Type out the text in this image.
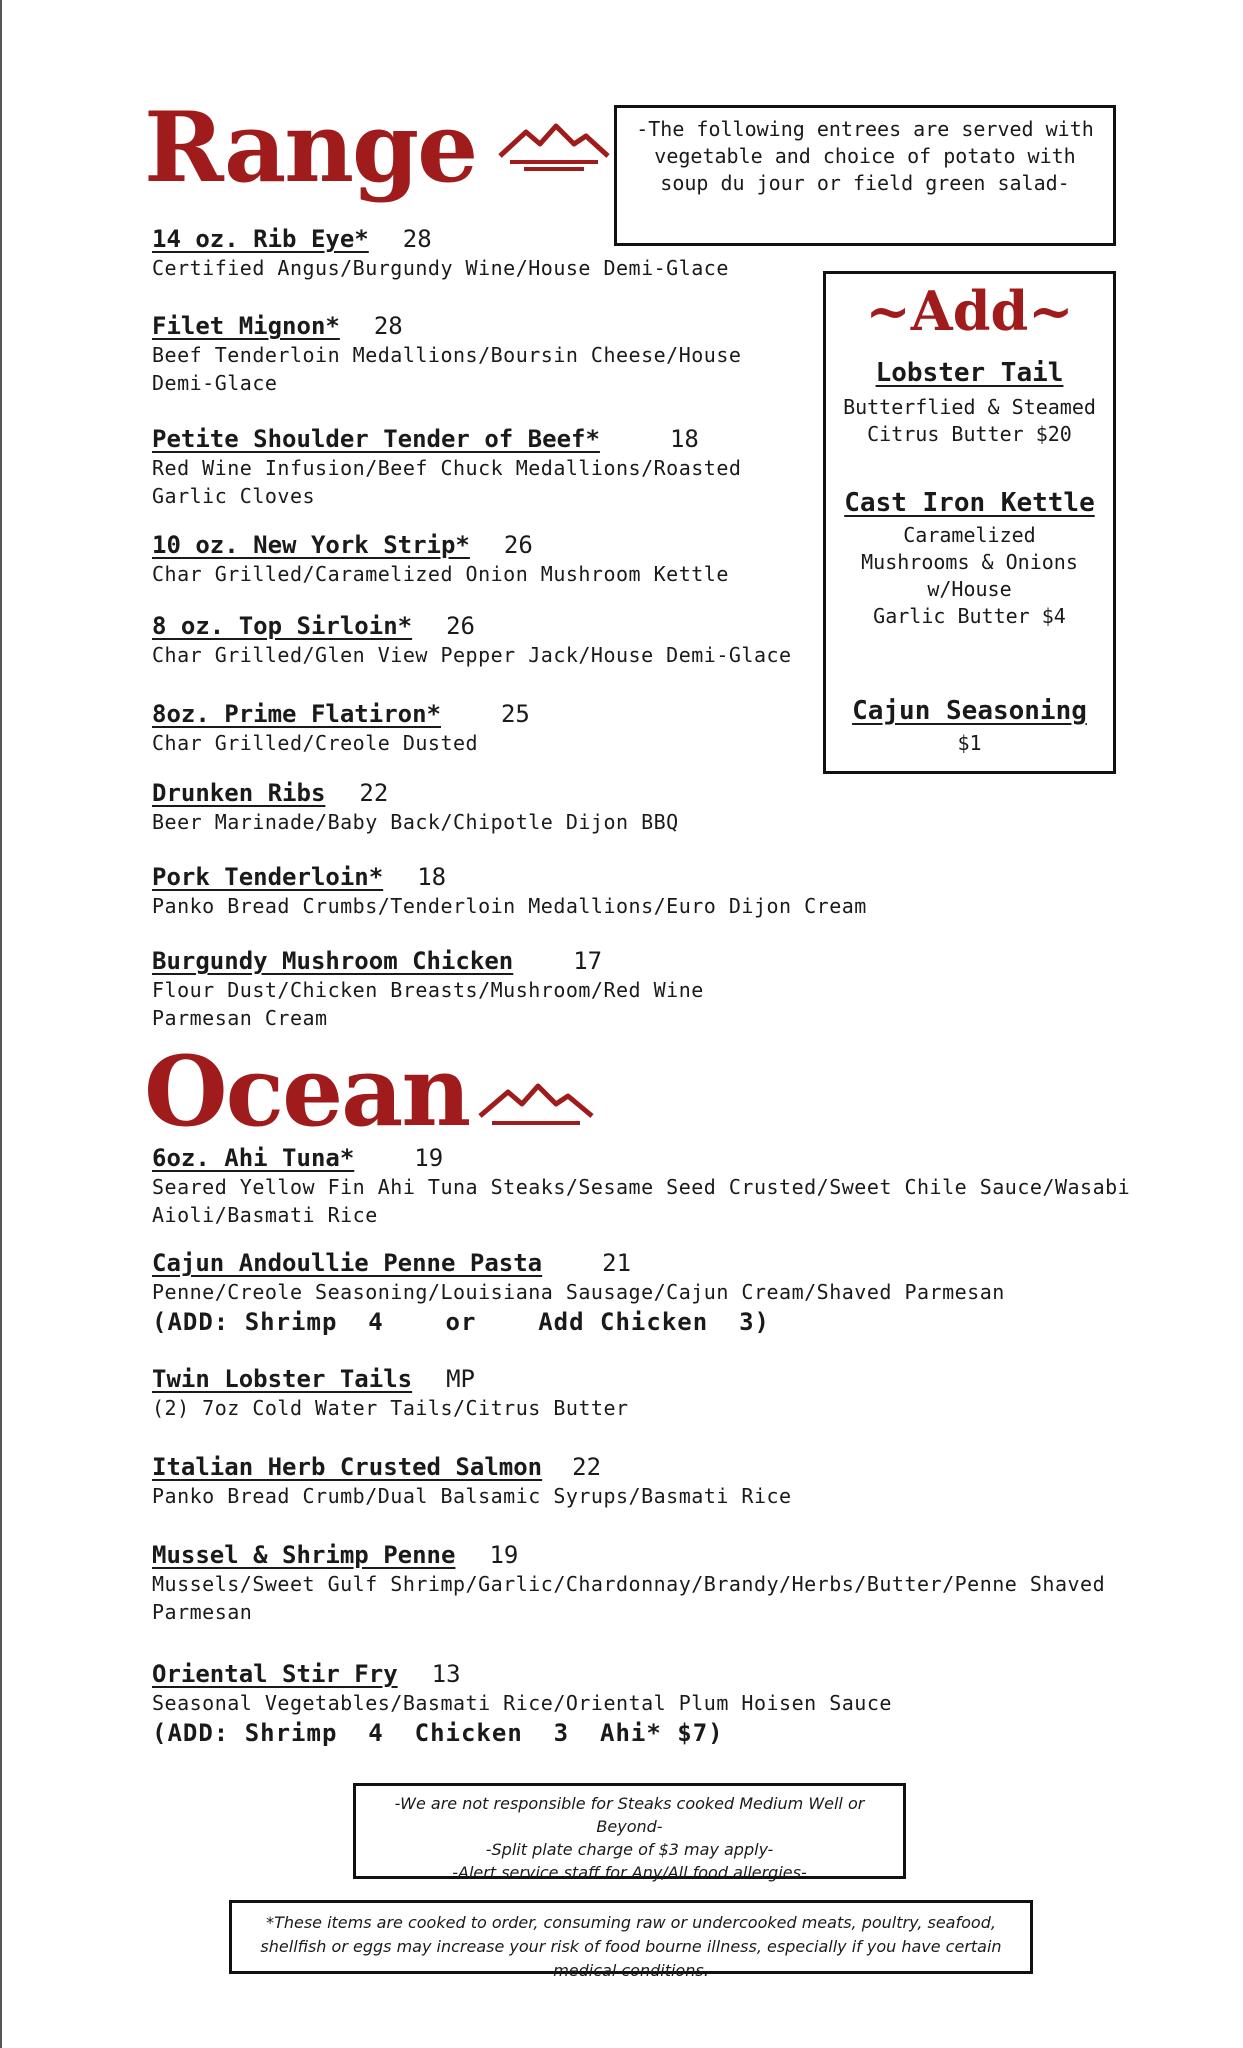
Range	-The following entrees are served with vegetable and choice of potato with soup du jour or field green salad-
14 oz. Rib Eye* 28
Certified Angus/Burgundy Wine/House Demi-Glace
Filet Mignon* 28
Beef Tenderloin Medallions/Boursin Cheese/House Demi-Glace
Petite Shoulder Tender of Beef*	18
Red Wine Infusion/Beef Chuck Medallions/Roasted Garlic Cloves
10 oz. New York Strip* 26
Char Grilled/Caramelized Onion Mushroom Kettle
8 oz. Top Sirloin* 26
Char Grilled/Glen View Pepper Jack/House Demi-Glace
8oz. Prime Flatiron*	25
Char Grilled/Creole Dusted
Drunken Ribs 22
Beer Marinade/Baby Back/Chipotle Dijon BBQ
Pork Tenderloin* 18
Panko Bread Crumbs/Tenderloin Medallions/Euro Dijon Cream
Burgundy Mushroom Chicken	17
Flour Dust/Chicken Breasts/Mushroom/Red Wine Parmesan Cream
~Add~
Lobster Tail
Butterflied & Steamed
Citrus Butter $20
Cast Iron Kettle
Caramelized Mushrooms & Onions w/House
Garlic Butter $4
Cajun Seasoning
$1
Ocean
6oz. Ahi Tuna*	19
Seared Yellow Fin Ahi Tuna Steaks/Sesame Seed Crusted/Sweet Chile Sauce/Wasabi Aioli/Basmati Rice
Cajun Andoullie Penne Pasta	21
Penne/Creole Seasoning/Louisiana Sausage/Cajun Cream/Shaved Parmesan
(ADD: Shrimp  4    or    Add Chicken  3)
Twin Lobster Tails MP
(2) 7oz Cold Water Tails/Citrus Butter
Italian Herb Crusted Salmon 22
Panko Bread Crumb/Dual Balsamic Syrups/Basmati Rice
Mussel & Shrimp Penne 19
Mussels/Sweet Gulf Shrimp/Garlic/Chardonnay/Brandy/Herbs/Butter/Penne Shaved Parmesan
Oriental Stir Fry 13
Seasonal Vegetables/Basmati Rice/Oriental Plum Hoisen Sauce
(ADD: Shrimp  4  Chicken  3  Ahi* $7)
-We are not responsible for Steaks cooked Medium Well or Beyond-
-Split plate charge of $3 may apply-
-Alert service staff for Any/All food allergies-
*These items are cooked to order, consuming raw or undercooked meats, poultry, seafood, shellfish or eggs may increase your risk of food bourne illness, especially if you have certain medical conditions.
